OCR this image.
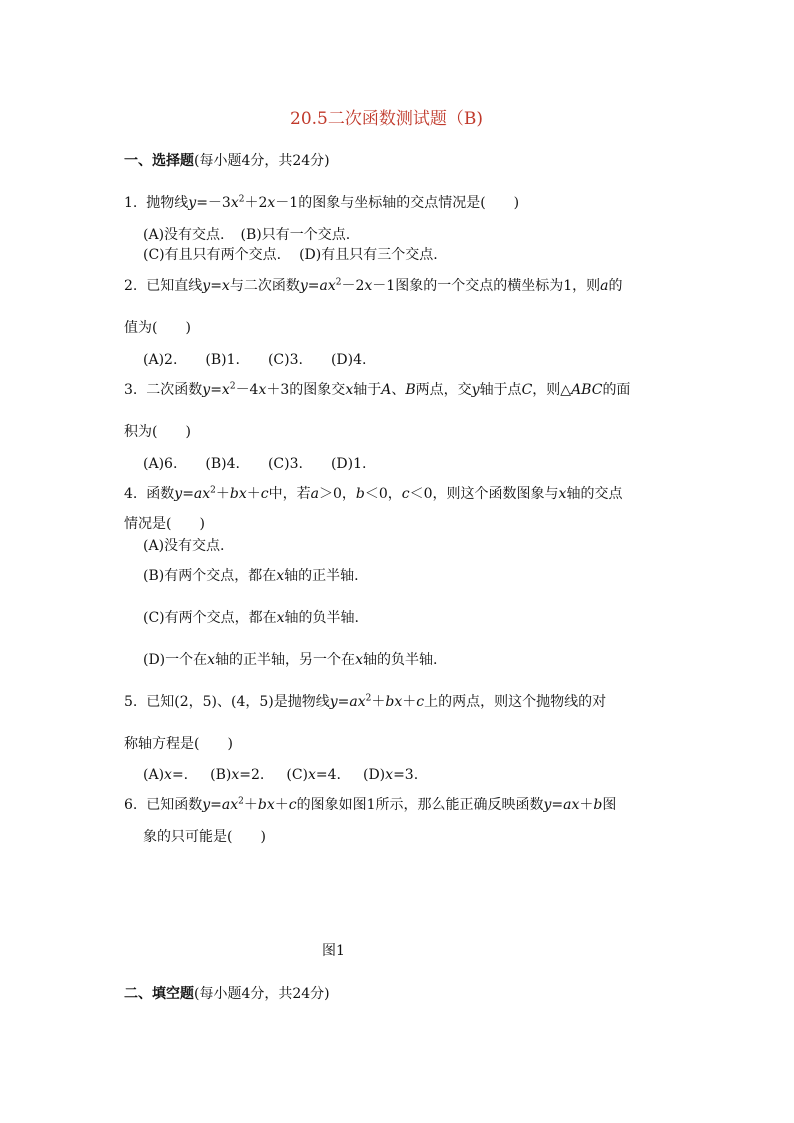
20.5二次函数测试题（B)
一、选择题(每小题4分，共24分)
1. 抛物线$y=-3x^2+2x-1$的图象与坐标轴的交点情况是(　　)
(A)没有交点. (B)只有一个交点.
(C)有且只有两个交点. (D)有且只有三个交点.
2. 已知直线y=x与二次函数$y=ax^2-2x-1$图象的一个交点的横坐标为1，则a的
值为(　　)
(A)2.　　(B)1.　　(C)3.　　(D)4.
3. 二次函数$y=x^2-4x+3$的图象交x轴于A、B两点，交y轴于点C，则△ABC的面
积为(　　)
(A)6.　　(B)4.　　(C)3.　　(D)1.
4. 函数$y=ax^2+bx+c$中，若a＞0，b＜0，c＜0，则这个函数图象与x轴的交点
情况是(　　)
(A)没有交点.
(B)有两个交点，都在x轴的正半轴.
(C)有两个交点，都在x轴的负半轴.
(D)一个在x轴的正半轴，另一个在x轴的负半轴.
5. 已知(2，5)、(4，5)是抛物线$y=ax^2+bx+c$上的两点，则这个抛物线的对
称轴方程是(　　)
(A)x=. (B)x=2. (C)x=4. (D)x=3.
6. 已知函数$y=ax^2+bx+c$的图象如图1所示，那么能正确反映函数y=ax＋b图
象的只可能是(　　)
图1
二、填空题(每小题4分，共24分)
